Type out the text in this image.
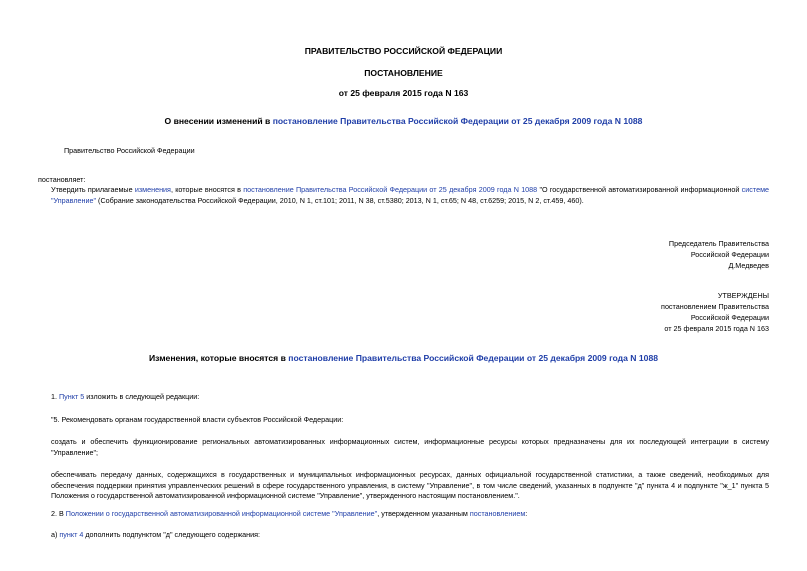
ПРАВИТЕЛЬСТВО РОССИЙСКОЙ ФЕДЕРАЦИИ
ПОСТАНОВЛЕНИЕ
от 25 февраля 2015 года N 163
О внесении изменений в постановление Правительства Российской Федерации от 25 декабря 2009 года N 1088
Правительство Российской Федерации
постановляет:
Утвердить прилагаемые изменения, которые вносятся в постановление Правительства Российской Федерации от 25 декабря 2009 года N 1088 "О государственной автоматизированной информационной системе "Управление" (Собрание законодательства Российской Федерации, 2010, N 1, ст.101; 2011, N 38, ст.5380; 2013, N 1, ст.65; N 48, ст.6259; 2015, N 2, ст.459, 460).
Председатель Правительства
Российской Федерации
Д.Медведев
УТВЕРЖДЕНЫ
постановлением Правительства
Российской Федерации
от 25 февраля 2015 года N 163
Изменения, которые вносятся в постановление Правительства Российской Федерации от 25 декабря 2009 года N 1088
1. Пункт 5 изложить в следующей редакции:
"5. Рекомендовать органам государственной власти субъектов Российской Федерации:
создать и обеспечить функционирование региональных автоматизированных информационных систем, информационные ресурсы которых предназначены для их последующей интеграции в систему "Управление";
обеспечивать передачу данных, содержащихся в государственных и муниципальных информационных ресурсах, данных официальной государственной статистики, а также сведений, необходимых для обеспечения поддержки принятия управленческих решений в сфере государственного управления, в систему "Управление", в том числе сведений, указанных в подпункте "д" пункта 4 и подпункте "ж_1" пункта 5 Положения о государственной автоматизированной информационной системе "Управление", утвержденного настоящим постановлением.".
2. В Положении о государственной автоматизированной информационной системе "Управление", утвержденном указанным постановлением:
а) пункт 4 дополнить подпунктом "д" следующего содержания:
